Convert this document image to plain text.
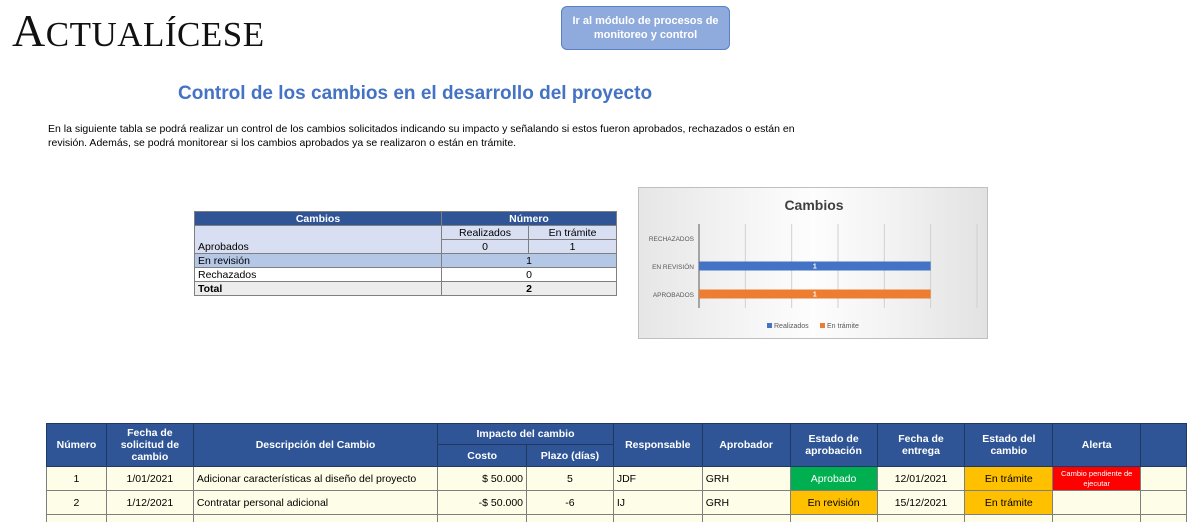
ACTUALÍCESE	Ir al módulo de procesos de monitoreo y control
Control de los cambios en el desarrollo del proyecto
En la siguiente tabla se podrá realizar un control de los cambios solicitados indicando su impacto y señalando si estos fueron aprobados, rechazados o están en revisión. Además, se podrá monitorear si los cambios aprobados ya se realizaron o están en trámite.
Cambios	Número	
Aprobados	Realizados	En trámite
	0	1
En revisión	1	
Rechazados	0	
Total	2	
Cambios
RECHAZADOS
EN REVISIÓN
APROBADOS
1
1
Realizados	En trámite
Número	Fecha de solicitud de cambio	Descripción del Cambio	Impacto del cambio		Responsable	Aprobador	Estado de aprobación	Fecha de entrega	Estado del cambio	Alerta	
			Costo	Plazo (días)							
1	1/01/2021	Adicionar características al diseño del proyecto	$ 50.000	5	JDF	GRH	Aprobado	12/01/2021	En trámite	Cambio pendiente de ejecutar	
2	1/12/2021	Contratar personal adicional	-$ 50.000	-6	IJ	GRH	En revisión	15/12/2021	En trámite		
